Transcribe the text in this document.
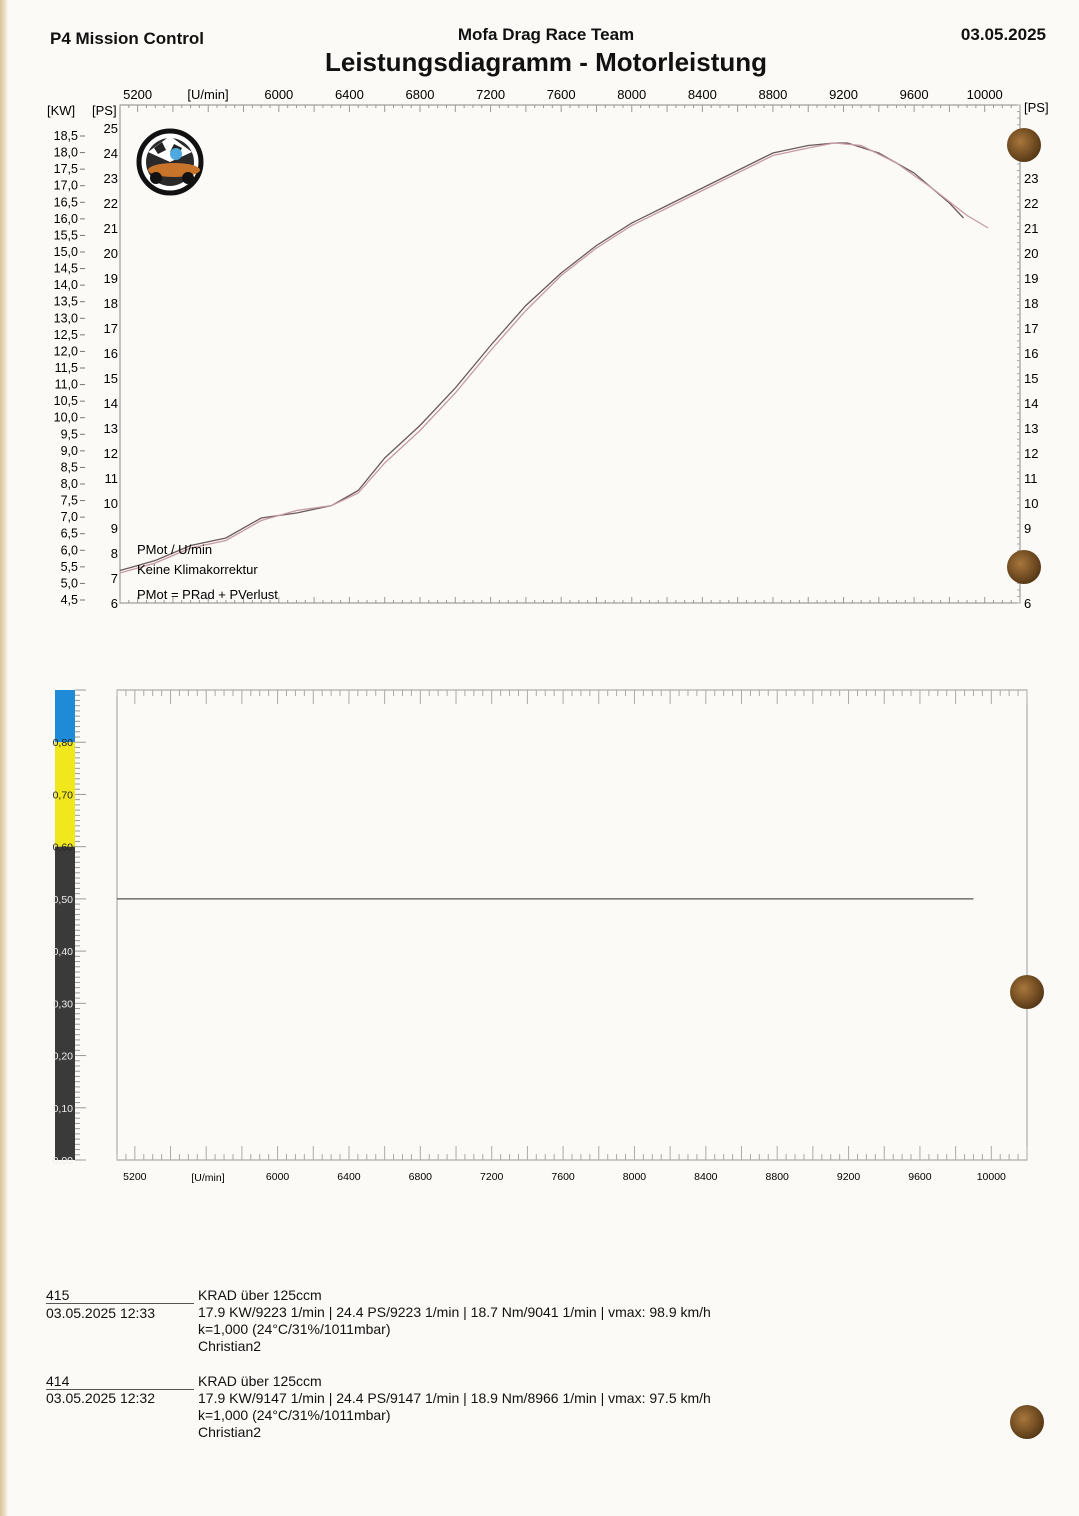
P4 Mission Control	Mofa Drag Race Team	03.05.2025
Leistungsdiagramm - Motorleistung
5200	6000	6400	6800	7200	7600	8000	8400	8800	9200	9600	10000
[U/min]
[KW] [PS]
18,5
18,0
17,5
17,0
16,5
16,0
15,5
15,0
14,5
14,0
13,5
13,0
12,5
12,0
11,5
11,0
10,5
10,0
9,5
9,0
8,5
8,0
7,5
7,0
6,5
6,0
5,5
5,0
4,5
25
24
23
22
21
20
19
18
17
16
15
14
13
12
11
10
9
8
7
6
[PS]
23
22
21
20
19
18
17
16
15
14
13
12
11
10
9
6
PMot / U/min
Keine Klimakorrektur
PMot = PRad + PVerlust
0,80
0,70
0,60
0,50
0,40
0,30
0,20
0,10
0,00
5200	6000	6400	6800	7200	7600	8000	8400	8800	9200	9600	10000
[U/min]
415
03.05.2025 12:33
KRAD über 125ccm
17.9 KW/9223 1/min | 24.4 PS/9223 1/min | 18.7 Nm/9041 1/min | vmax: 98.9 km/h
k=1,000 (24°C/31%/1011mbar)
Christian2
414
03.05.2025 12:32
KRAD über 125ccm
17.9 KW/9147 1/min | 24.4 PS/9147 1/min | 18.9 Nm/8966 1/min | vmax: 97.5 km/h
k=1,000 (24°C/31%/1011mbar)
Christian2
